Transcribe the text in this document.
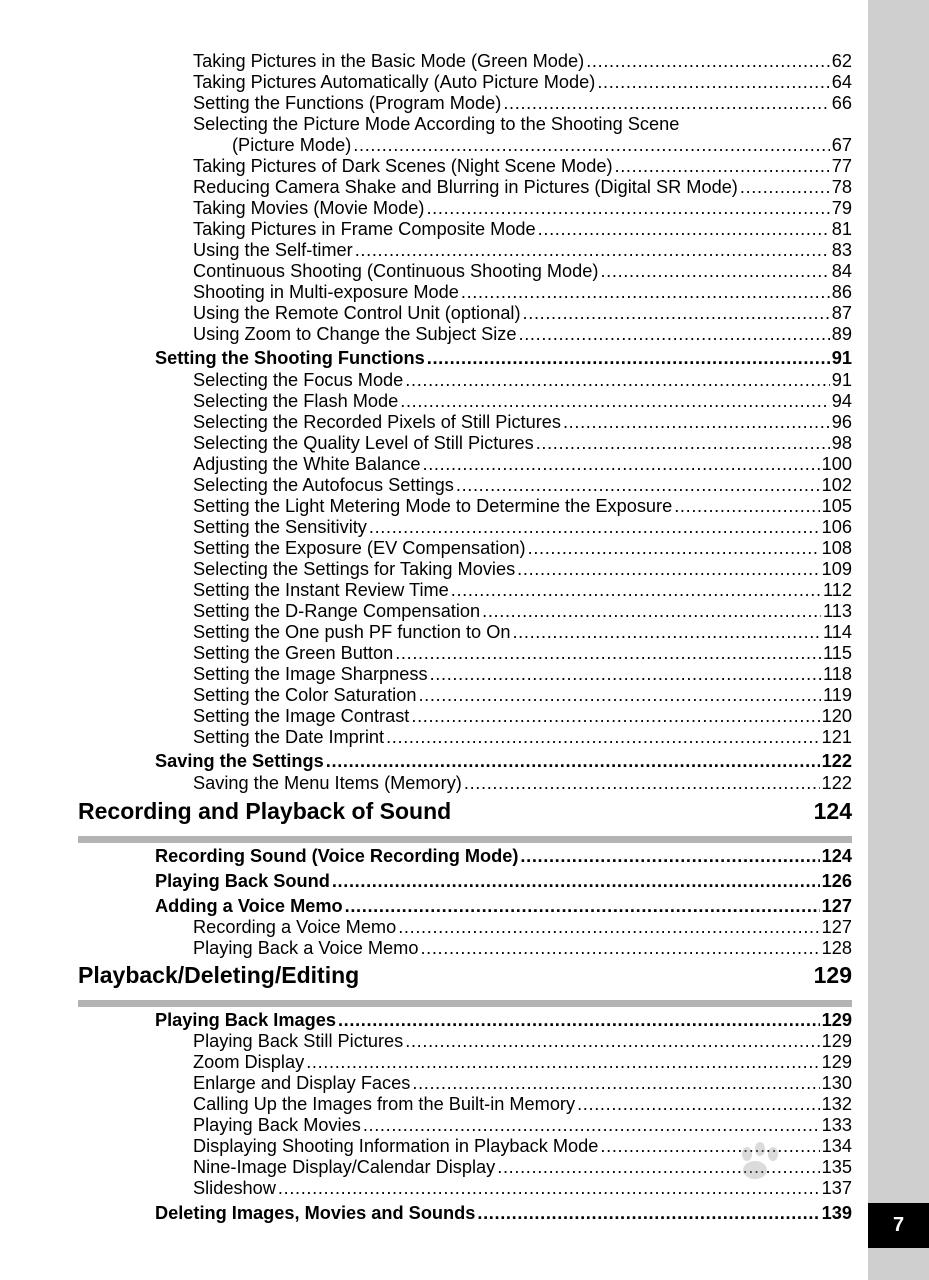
7
Taking Pictures in the Basic Mode (Green Mode) . . .	62
Taking Pictures Automatically (Auto Picture Mode) . . .	64
Setting the Functions (Program Mode) . . .	66
Selecting the Picture Mode According to the Shooting Scene
(Picture Mode) . . .	67
Taking Pictures of Dark Scenes (Night Scene Mode) . . .	77
Reducing Camera Shake and Blurring in Pictures (Digital SR Mode) . . .	78
Taking Movies (Movie Mode) . . .	79
Taking Pictures in Frame Composite Mode . . .	81
Using the Self-timer . . .	83
Continuous Shooting (Continuous Shooting Mode) . . .	84
Shooting in Multi-exposure Mode . . .	86
Using the Remote Control Unit (optional) . . .	87
Using Zoom to Change the Subject Size . . .	89
Setting the Shooting Functions . . .	91
Selecting the Focus Mode . . .	91
Selecting the Flash Mode . . .	94
Selecting the Recorded Pixels of Still Pictures . . .	96
Selecting the Quality Level of Still Pictures . . .	98
Adjusting the White Balance . . .	100
Selecting the Autofocus Settings . . .	102
Setting the Light Metering Mode to Determine the Exposure . . .	105
Setting the Sensitivity . . .	106
Setting the Exposure (EV Compensation) . . .	108
Selecting the Settings for Taking Movies . . .	109
Setting the Instant Review Time . . .	112
Setting the D-Range Compensation . . .	113
Setting the One push PF function to On . . .	114
Setting the Green Button . . .	115
Setting the Image Sharpness . . .	118
Setting the Color Saturation . . .	119
Setting the Image Contrast . . .	120
Setting the Date Imprint . . .	121
Saving the Settings . . .	122
Saving the Menu Items (Memory) . . .	122
Recording and Playback of Sound	124
Recording Sound (Voice Recording Mode) . . .	124
Playing Back Sound . . .	126
Adding a Voice Memo . . .	127
Recording a Voice Memo . . .	127
Playing Back a Voice Memo . . .	128
Playback/Deleting/Editing	129
Playing Back Images . . .	129
Playing Back Still Pictures . . .	129
Zoom Display . . .	129
Enlarge and Display Faces . . .	130
Calling Up the Images from the Built-in Memory . . .	132
Playing Back Movies . . .	133
Displaying Shooting Information in Playback Mode . . .	134
Nine-Image Display/Calendar Display . . .	135
Slideshow . . .	137
Deleting Images, Movies and Sounds . . .	139
